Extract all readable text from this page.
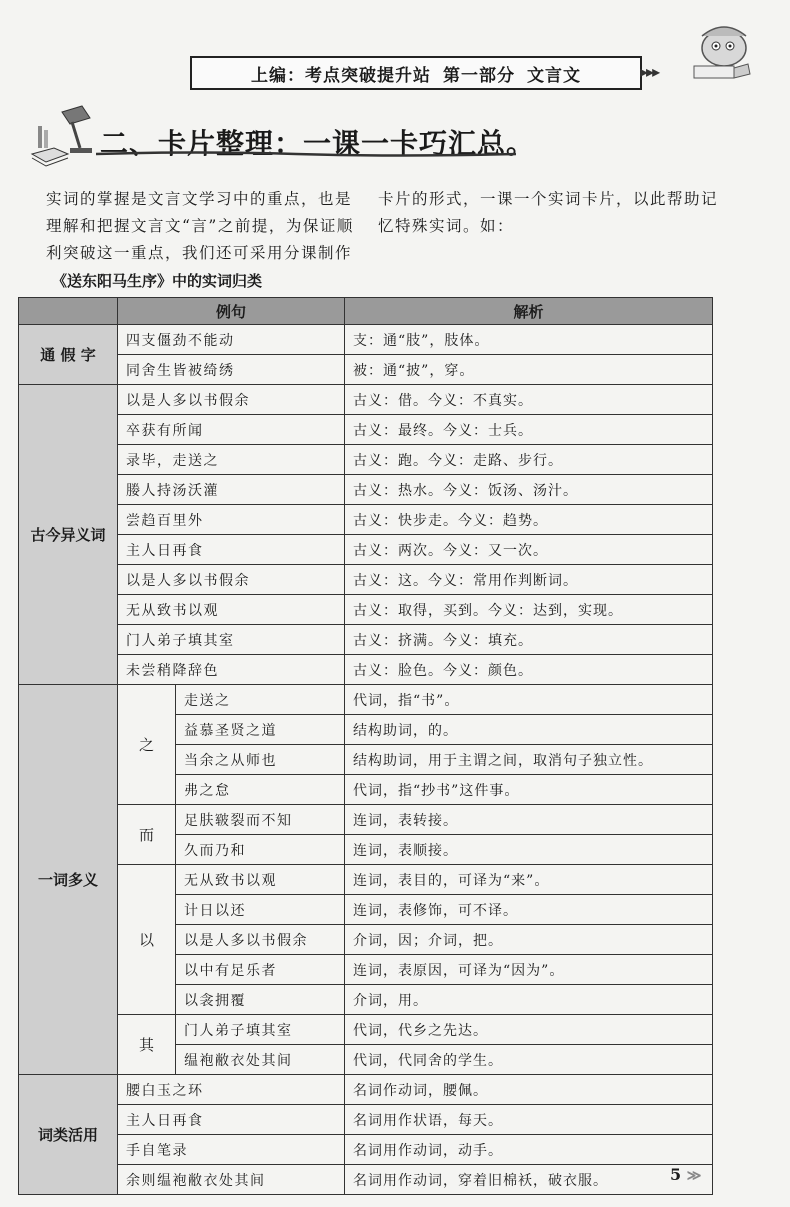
上编：考点突破提升站 第一部分 文言文	▸▸▸
二、卡片整理：一课一卡巧汇总。
实词的掌握是文言文学习中的重点，也是理解和把握文言文“言”之前提，为保证顺利突破这一重点，我们还可采用分课制作
卡片的形式，一课一个实词卡片，以此帮助记忆特殊实词。如：
《送东阳马生序》中的实词归类
	例句		解析
通 假 字	四支僵劲不能动		支：通“肢”，肢体。
	同舍生皆被绮绣		被：通“披”，穿。
古今异义词	以是人多以书假余		古义：借。今义：不真实。
	卒获有所闻		古义：最终。今义：士兵。
	录毕，走送之		古义：跑。今义：走路、步行。
	媵人持汤沃灌		古义：热水。今义：饭汤、汤汁。
	尝趋百里外		古义：快步走。今义：趋势。
	主人日再食		古义：两次。今义：又一次。
	以是人多以书假余		古义：这。今义：常用作判断词。
	无从致书以观		古义：取得，买到。今义：达到，实现。
	门人弟子填其室		古义：挤满。今义：填充。
	未尝稍降辞色		古义：脸色。今义：颜色。
一词多义	之	走送之	代词，指“书”。
		益慕圣贤之道	结构助词，的。
		当余之从师也	结构助词，用于主谓之间，取消句子独立性。
		弗之怠	代词，指“抄书”这件事。
	而	足肤皲裂而不知	连词，表转接。
		久而乃和	连词，表顺接。
	以	无从致书以观	连词，表目的，可译为“来”。
		计日以还	连词，表修饰，可不译。
		以是人多以书假余	介词，因；介词，把。
		以中有足乐者	连词，表原因，可译为“因为”。
		以衾拥覆	介词，用。
	其	门人弟子填其室	代词，代乡之先达。
		缊袍敝衣处其间	代词，代同舍的学生。
词类活用	腰白玉之环		名词作动词，腰佩。
	主人日再食		名词用作状语，每天。
	手自笔录		名词用作动词，动手。
	余则缊袍敝衣处其间		名词用作动词，穿着旧棉袄，破衣服。	5 ≫
